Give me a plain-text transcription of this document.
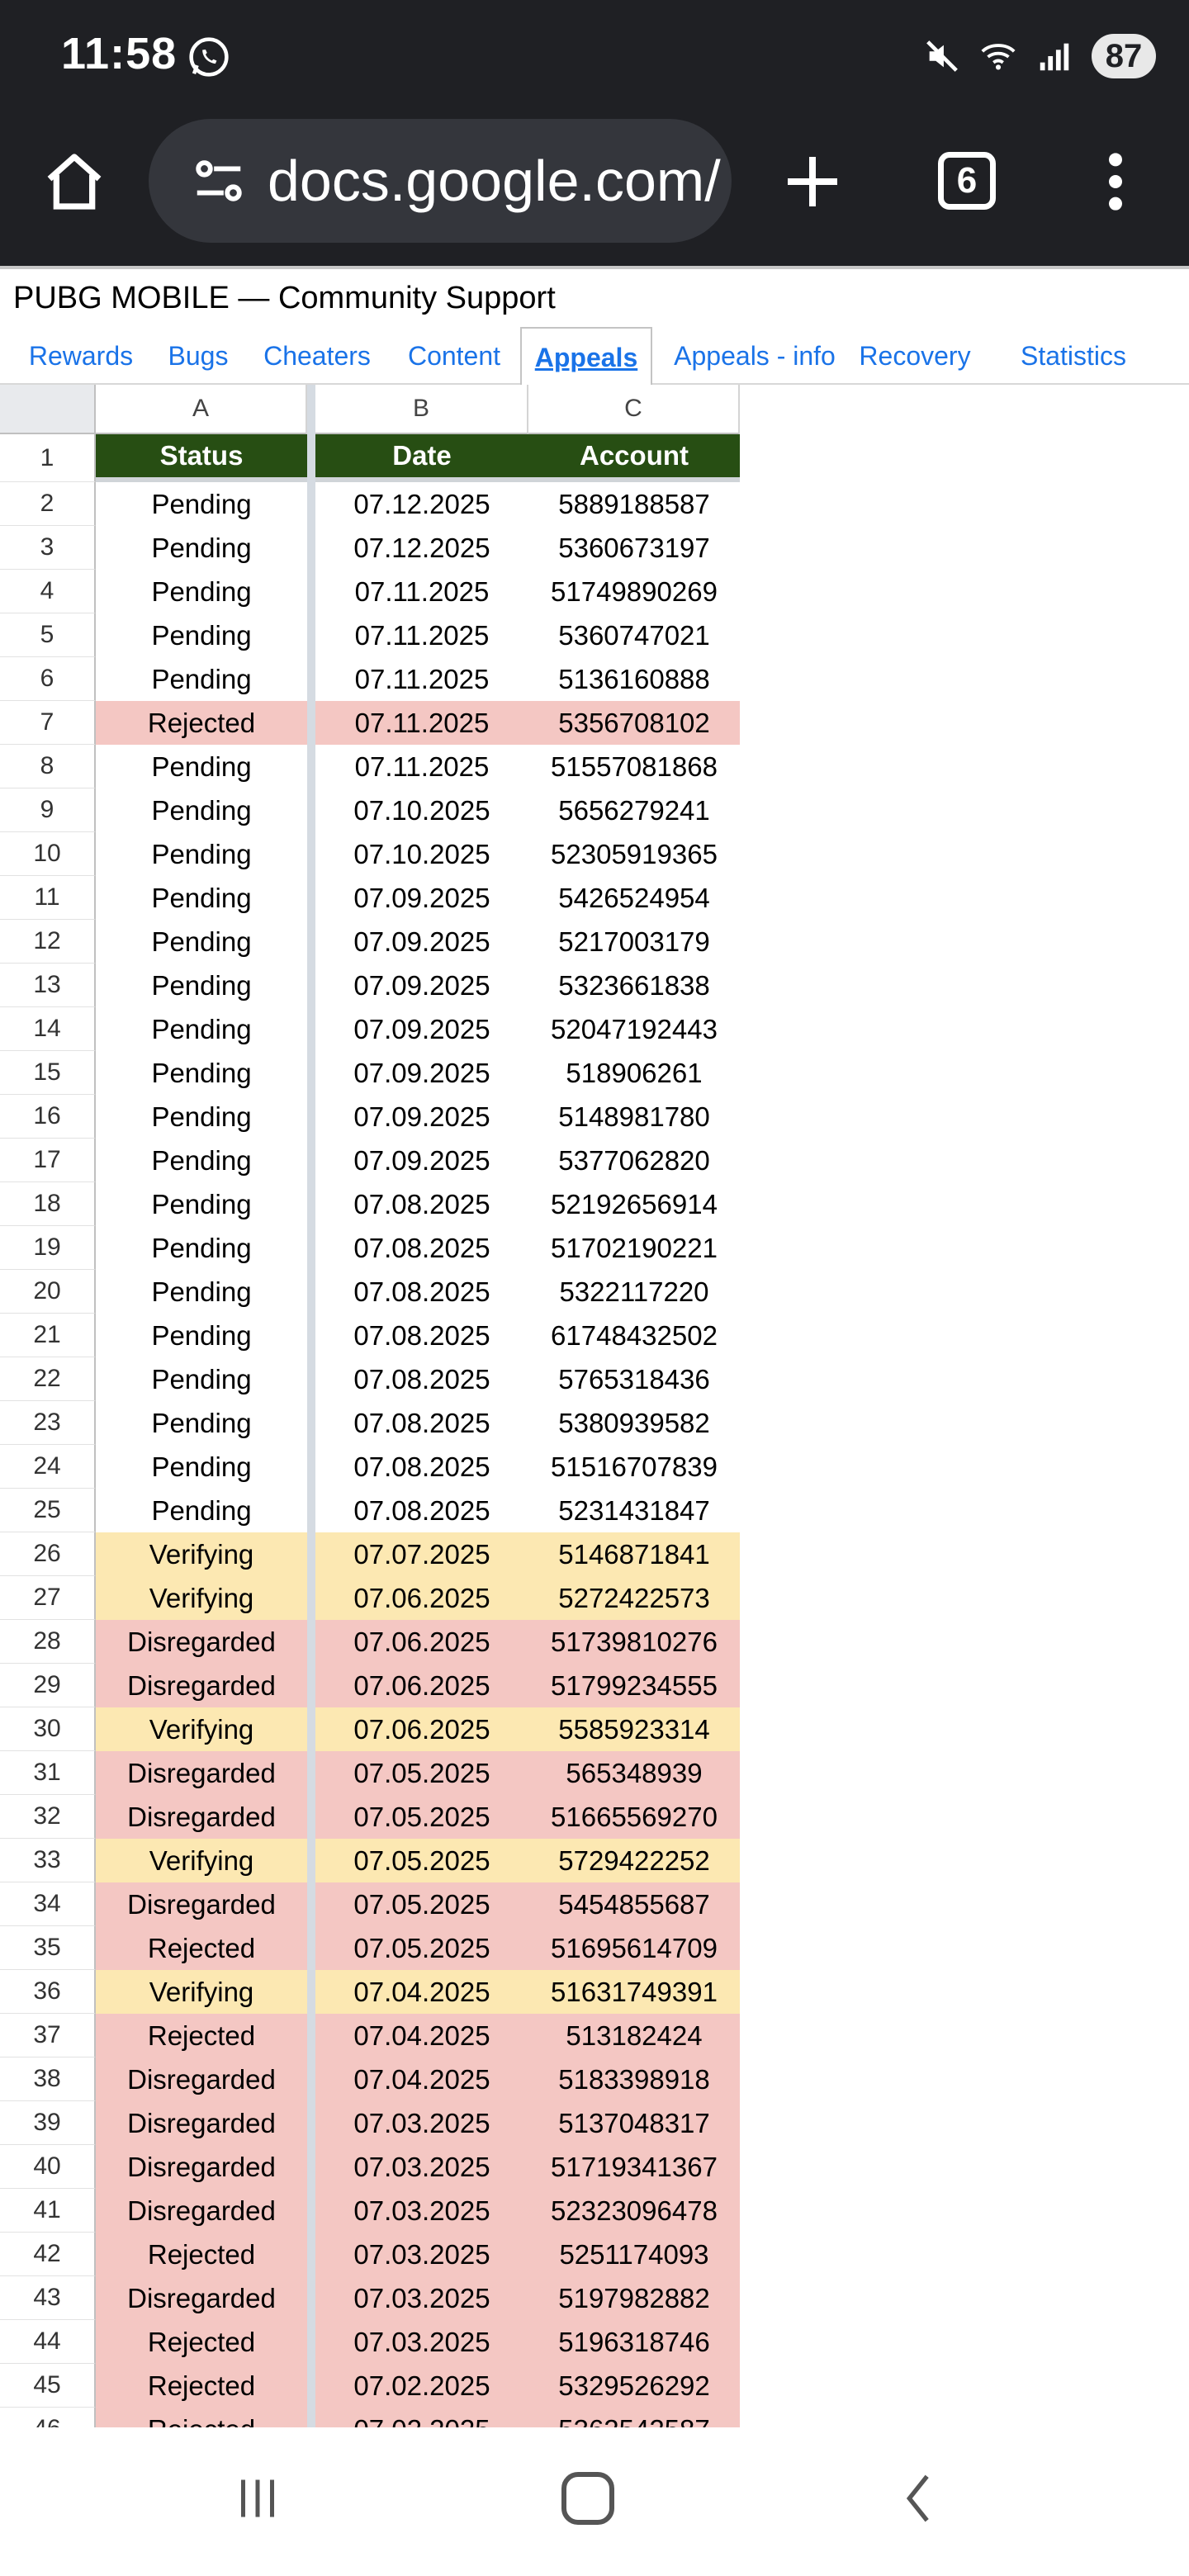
11:58	87
docs.google.com/	6
PUBG MOBILE — Community Support
Rewards	Bugs	Cheaters	Content	Appeals	Appeals - info Recovery	Statistics
A	B	C
1
2
3
4
5
6
7
8
9
10
11
12
13
14
15
16
17
18
19
20
21
22
23
24
25
26
27
28
29
30
31
32
33
34
35
36
37
38
39
40
41
42
43
44
45
Status	Date	Account
Pending	07.12.2025	5889188587
Pending	07.12.2025	5360673197
Pending	07.11.2025	51749890269
Pending	07.11.2025	5360747021
Pending	07.11.2025	5136160888
Rejected	07.11.2025	5356708102
Pending	07.11.2025	51557081868
Pending	07.10.2025	5656279241
Pending	07.10.2025	52305919365
Pending	07.09.2025	5426524954
Pending	07.09.2025	5217003179
Pending	07.09.2025	5323661838
Pending	07.09.2025	52047192443
Pending	07.09.2025	518906261
Pending	07.09.2025	5148981780
Pending	07.09.2025	5377062820
Pending	07.08.2025	52192656914
Pending	07.08.2025	51702190221
Pending	07.08.2025	5322117220
Pending	07.08.2025	61748432502
Pending	07.08.2025	5765318436
Pending	07.08.2025	5380939582
Pending	07.08.2025	51516707839
Pending	07.08.2025	5231431847
Verifying	07.07.2025	5146871841
Verifying	07.06.2025	5272422573
Disregarded	07.06.2025	51739810276
Disregarded	07.06.2025	51799234555
Verifying	07.06.2025	5585923314
Disregarded	07.05.2025	565348939
Disregarded	07.05.2025	51665569270
Verifying	07.05.2025	5729422252
Disregarded	07.05.2025	5454855687
Rejected	07.05.2025	51695614709
Verifying	07.04.2025	51631749391
Rejected	07.04.2025	513182424
Disregarded	07.04.2025	5183398918
Disregarded	07.03.2025	5137048317
Disregarded	07.03.2025	51719341367
Disregarded	07.03.2025	52323096478
Rejected	07.03.2025	5251174093
Disregarded	07.03.2025	5197982882
Rejected	07.03.2025	5196318746
Rejected	07.02.2025	5329526292
